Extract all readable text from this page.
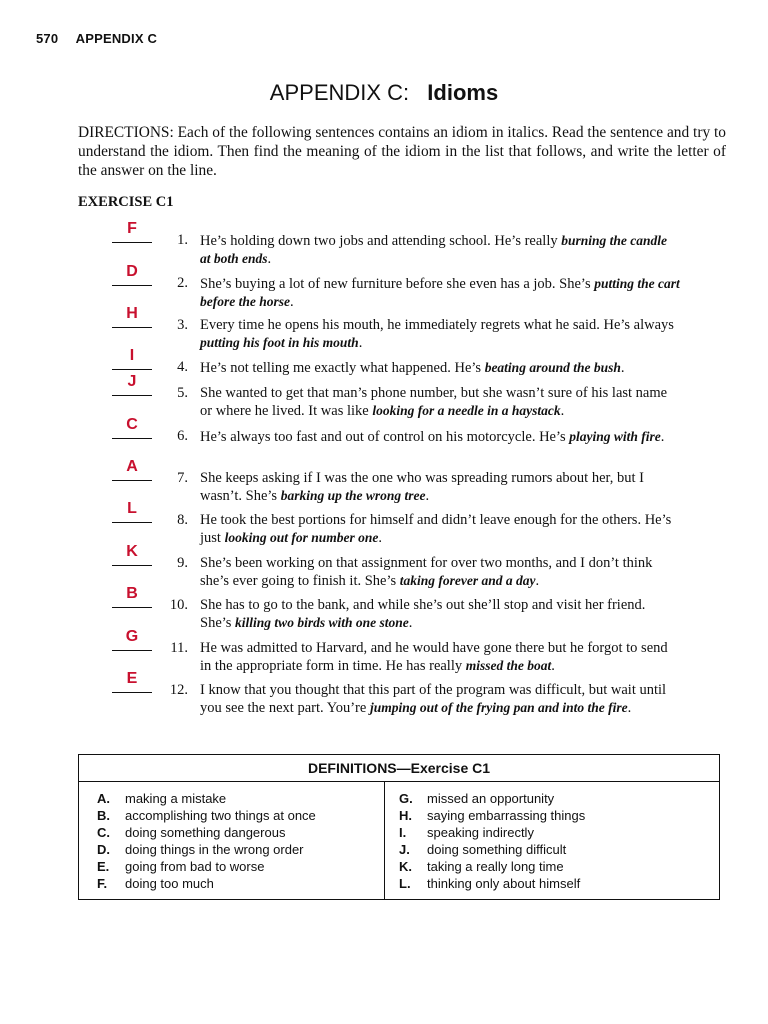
570 APPENDIX C
APPENDIX C: Idioms
DIRECTIONS: Each of the following sentences contains an idiom in italics. Read the sentence and try to understand the idiom. Then find the meaning of the idiom in the list that follows, and write the letter of the answer on the line.
EXERCISE C1
F
1. He’s holding down two jobs and attending school. He’s really burning the candle at both ends.
D
2. She’s buying a lot of new furniture before she even has a job. She’s putting the cart before the horse.
H
3. Every time he opens his mouth, he immediately regrets what he said. He’s always putting his foot in his mouth.
I
4. He’s not telling me exactly what happened. He’s beating around the bush.
J
5. She wanted to get that man’s phone number, but she wasn’t sure of his last name or where he lived. It was like looking for a needle in a haystack.
C
6. He’s always too fast and out of control on his motorcycle. He’s playing with fire.
A
7. She keeps asking if I was the one who was spreading rumors about her, but I wasn’t. She’s barking up the wrong tree.
L
8. He took the best portions for himself and didn’t leave enough for the others. He’s just looking out for number one.
K
9. She’s been working on that assignment for over two months, and I don’t think she’s ever going to finish it. She’s taking forever and a day.
B
10. She has to go to the bank, and while she’s out she’ll stop and visit her friend. She’s killing two birds with one stone.
G
11. He was admitted to Harvard, and he would have gone there but he forgot to send in the appropriate form in time. He has really missed the boat.
E
12. I know that you thought that this part of the program was difficult, but wait until you see the next part. You’re jumping out of the frying pan and into the fire.
DEFINITIONS—Exercise C1
A. making a mistake
B. accomplishing two things at once
C. doing something dangerous
D. doing things in the wrong order
E. going from bad to worse
F. doing too much
G. missed an opportunity
H. saying embarrassing things
I. speaking indirectly
J. doing something difficult
K. taking a really long time
L. thinking only about himself
